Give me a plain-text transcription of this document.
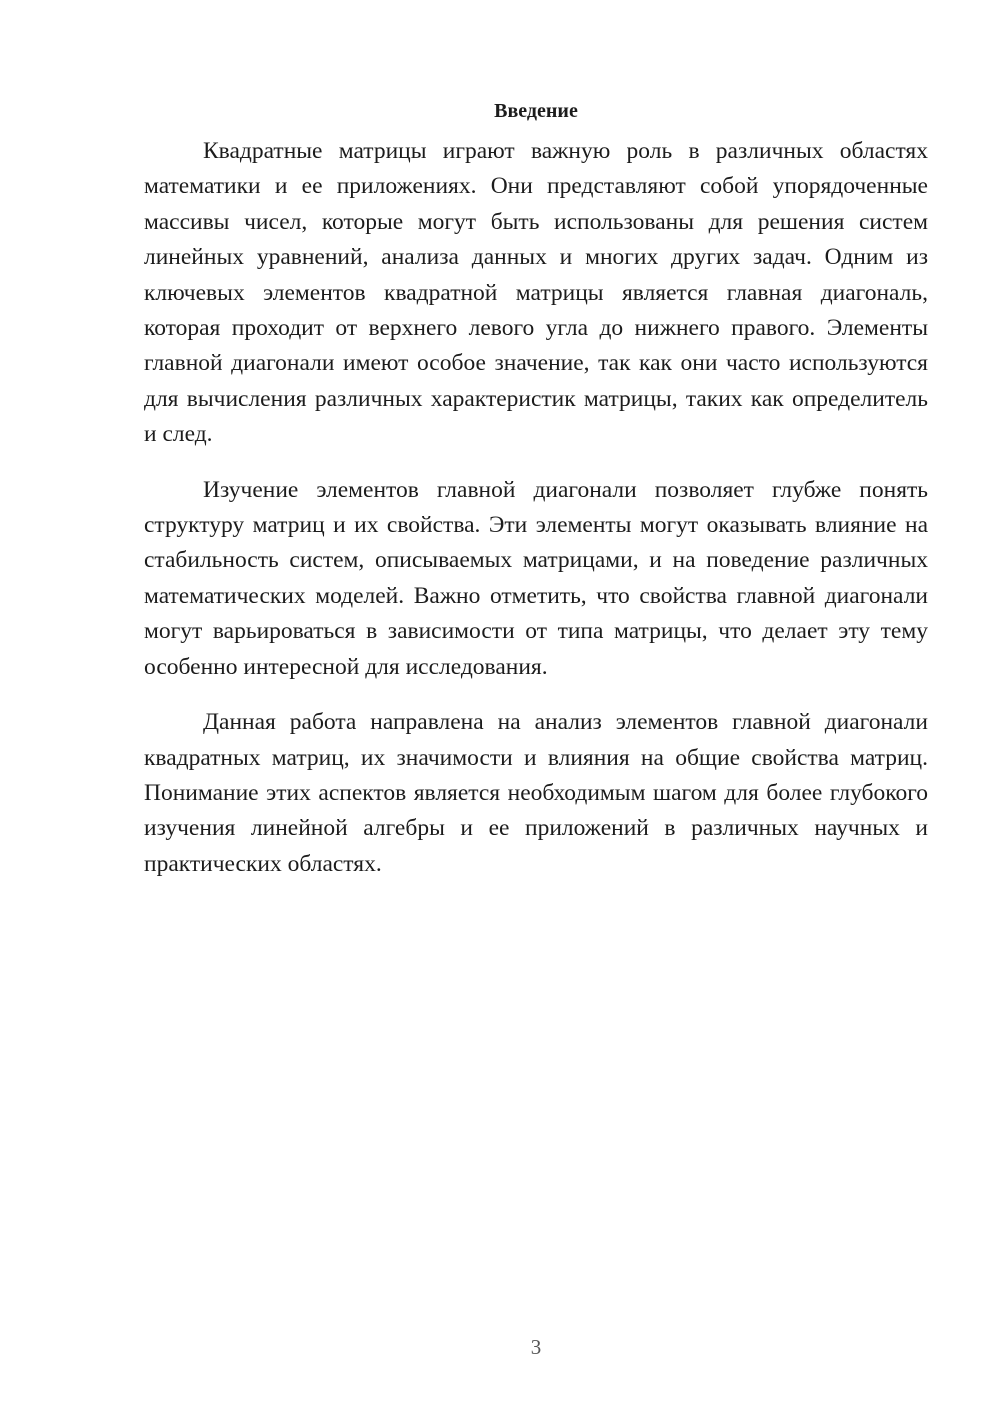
Введение

Квадратные матрицы играют важную роль в различных областях математики и ее приложениях. Они представляют собой упорядоченные массивы чисел, которые могут быть использованы для решения систем линейных уравнений, анализа данных и многих других задач. Одним из ключевых элементов квадратной матрицы является главная диагональ, которая проходит от верхнего левого угла до нижнего правого. Элементы главной диагонали имеют особое значение, так как они часто используются для вычисления различных характеристик матрицы, таких как определитель и след.

Изучение элементов главной диагонали позволяет глубже понять структуру матриц и их свойства. Эти элементы могут оказывать влияние на стабильность систем, описываемых матрицами, и на поведение различных математических моделей. Важно отметить, что свойства главной диагонали могут варьироваться в зависимости от типа матрицы, что делает эту тему особенно интересной для исследования.

Данная работа направлена на анализ элементов главной диагонали квадратных матриц, их значимости и влияния на общие свойства матриц. Понимание этих аспектов является необходимым шагом для более глубокого изучения линейной алгебры и ее приложений в различных научных и практических областях.

3
